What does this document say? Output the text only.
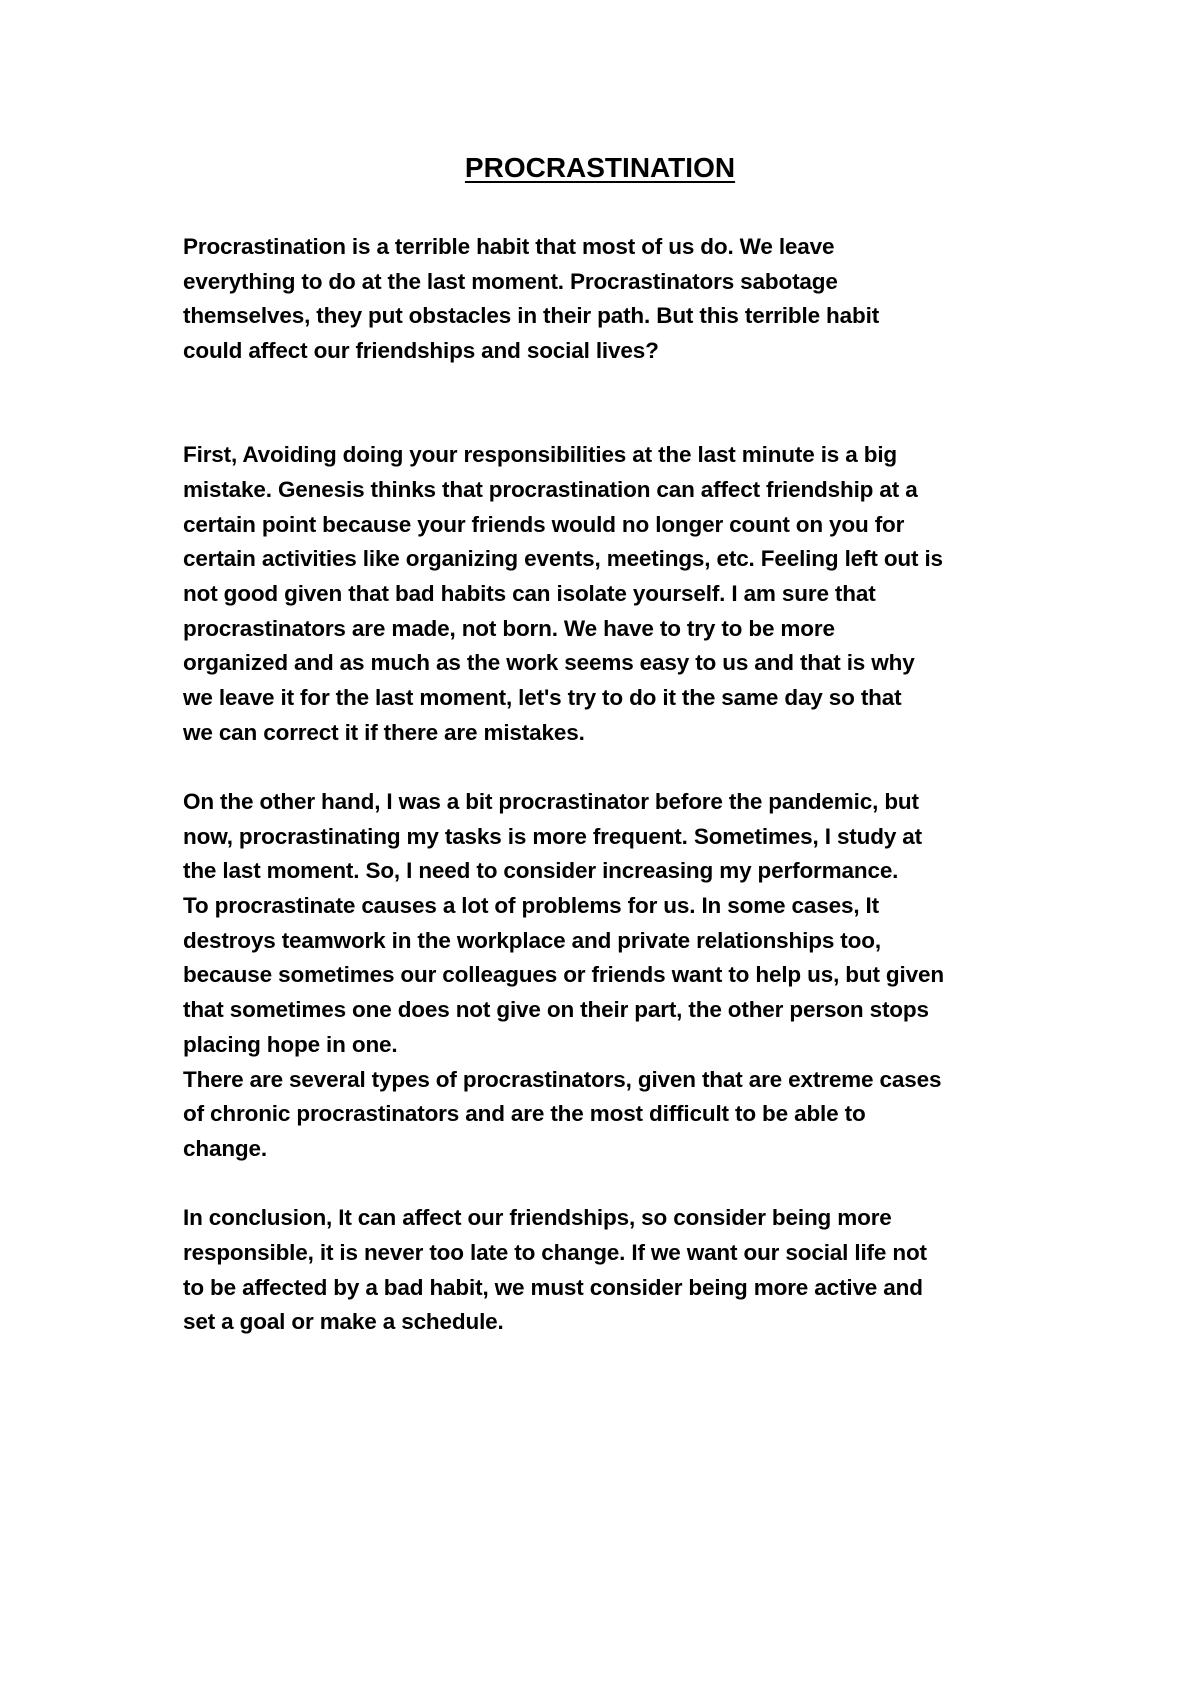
PROCRASTINATION

Procrastination is a terrible habit that most of us do. We leave
everything to do at the last moment. Procrastinators sabotage
themselves, they put obstacles in their path. But this terrible habit
could affect our friendships and social lives?

First, Avoiding doing your responsibilities at the last minute is a big
mistake. Genesis thinks that procrastination can affect friendship at a
certain point because your friends would no longer count on you for
certain activities like organizing events, meetings, etc. Feeling left out is
not good given that bad habits can isolate yourself. I am sure that
procrastinators are made, not born. We have to try to be more
organized and as much as the work seems easy to us and that is why
we leave it for the last moment, let's try to do it the same day so that
we can correct it if there are mistakes.

On the other hand, I was a bit procrastinator before the pandemic, but
now, procrastinating my tasks is more frequent. Sometimes, I study at
the last moment. So, I need to consider increasing my performance.
To procrastinate causes a lot of problems for us. In some cases, It
destroys teamwork in the workplace and private relationships too,
because sometimes our colleagues or friends want to help us, but given
that sometimes one does not give on their part, the other person stops
placing hope in one.
There are several types of procrastinators, given that are extreme cases
of chronic procrastinators and are the most difficult to be able to
change.

In conclusion, It can affect our friendships, so consider being more
responsible, it is never too late to change. If we want our social life not
to be affected by a bad habit, we must consider being more active and
set a goal or make a schedule.
